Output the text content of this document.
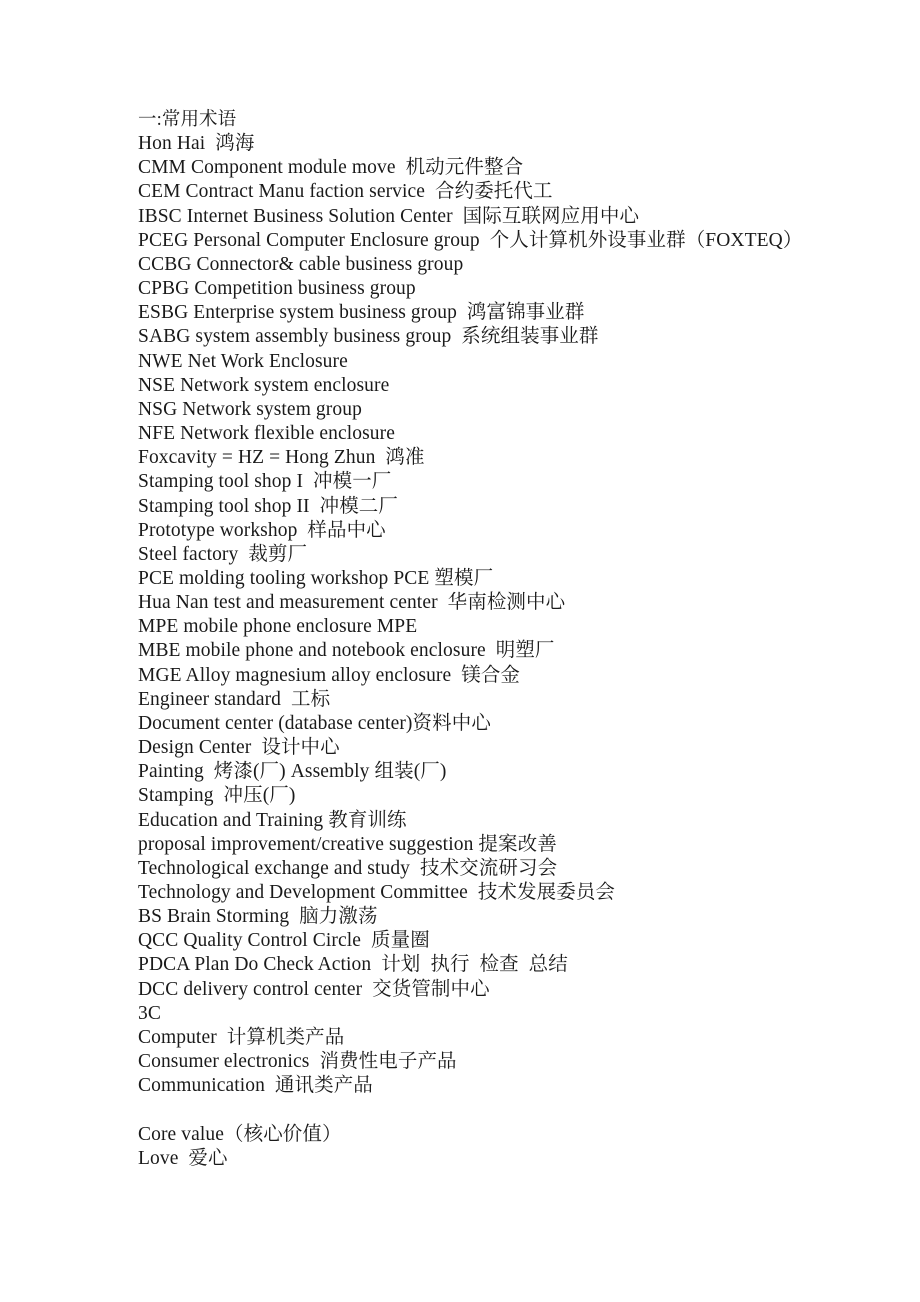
一:常用术语
Hon Hai  鸿海
CMM Component module move  机动元件整合
CEM Contract Manu faction service  合约委托代工
IBSC Internet Business Solution Center  国际互联网应用中心
PCEG Personal Computer Enclosure group  个人计算机外设事业群（FOXTEQ）
CCBG Connector& cable business group
CPBG Competition business group
ESBG Enterprise system business group  鸿富锦事业群
SABG system assembly business group  系统组装事业群
NWE Net Work Enclosure
NSE Network system enclosure
NSG Network system group
NFE Network flexible enclosure
Foxcavity = HZ = Hong Zhun  鸿准
Stamping tool shop I  冲模一厂
Stamping tool shop II  冲模二厂
Prototype workshop  样品中心
Steel factory  裁剪厂
PCE molding tooling workshop PCE 塑模厂
Hua Nan test and measurement center  华南检测中心
MPE mobile phone enclosure MPE
MBE mobile phone and notebook enclosure  明塑厂
MGE Alloy magnesium alloy enclosure  镁合金
Engineer standard  工标
Document center (database center)资料中心
Design Center  设计中心
Painting  烤漆(厂) Assembly 组装(厂)
Stamping  冲压(厂)
Education and Training 教育训练
proposal improvement/creative suggestion 提案改善
Technological exchange and study  技术交流研习会
Technology and Development Committee  技术发展委员会
BS Brain Storming  脑力激荡
QCC Quality Control Circle  质量圈
PDCA Plan Do Check Action  计划  执行  检查  总结
DCC delivery control center  交货管制中心
3C
Computer  计算机类产品
Consumer electronics  消费性电子产品
Communication  通讯类产品
Core value（核心价值）
Love  爱心
